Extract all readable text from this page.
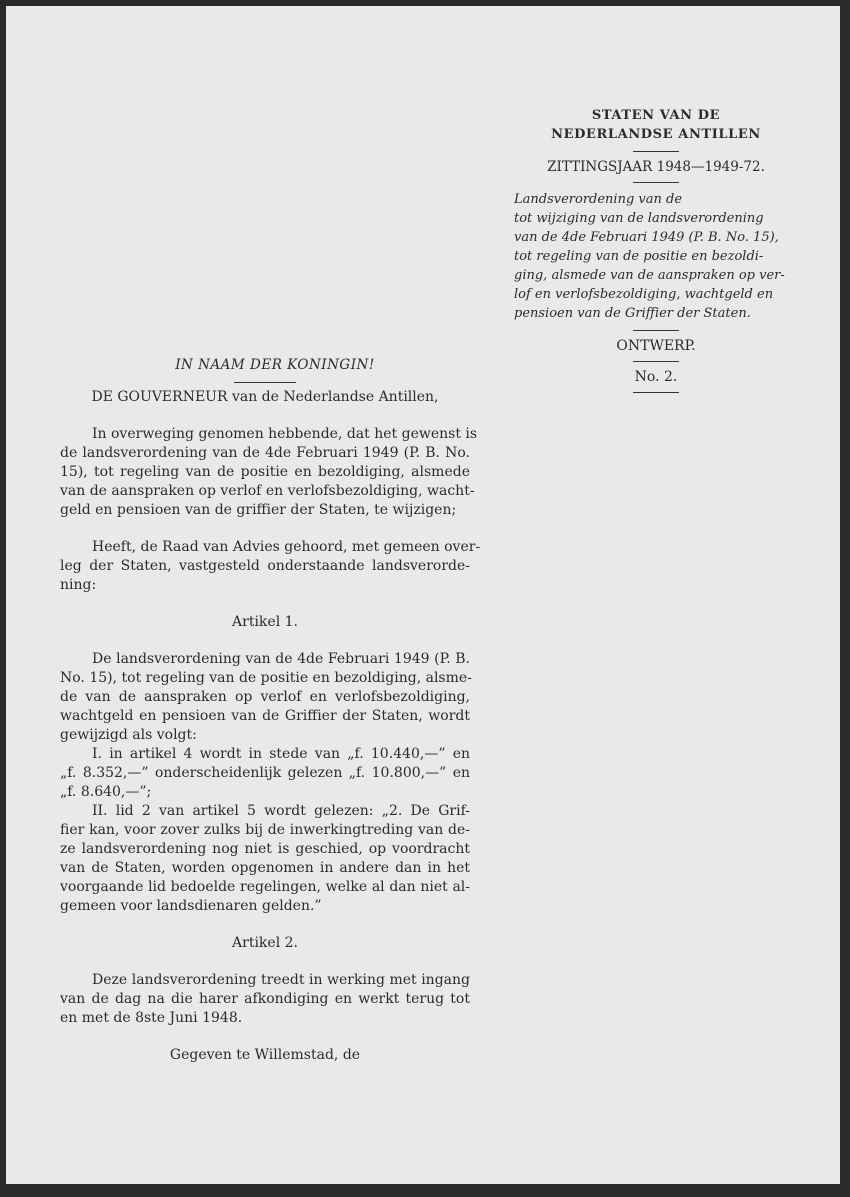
STATEN VAN DE
NEDERLANDSE ANTILLEN
ZITTINGSJAAR 1948—1949-72.
Landsverordening van de
tot wijziging van de landsverordening
van de 4de Februari 1949 (P. B. No. 15),
tot regeling van de positie en bezoldi-
ging, alsmede van de aanspraken op ver-
lof en verlofsbezoldiging, wachtgeld en
pensioen van de Griffier der Staten.
ONTWERP.
No. 2.
IN NAAM DER KONINGIN!
DE GOUVERNEUR van de Nederlandse Antillen,
In overweging genomen hebbende, dat het gewenst is
de landsverordening van de 4de Februari 1949 (P. B. No.
15), tot regeling van de positie en bezoldiging, alsmede
van de aanspraken op verlof en verlofsbezoldiging, wacht-
geld en pensioen van de griffier der Staten, te wijzigen;
Heeft, de Raad van Advies gehoord, met gemeen over-
leg der Staten, vastgesteld onderstaande landsverorde-
ning:
Artikel 1.
De landsverordening van de 4de Februari 1949 (P. B.
No. 15), tot regeling van de positie en bezoldiging, alsme-
de van de aanspraken op verlof en verlofsbezoldiging,
wachtgeld en pensioen van de Griffier der Staten, wordt
gewijzigd als volgt:
I. in artikel 4 wordt in stede van „f. 10.440,—” en
„f. 8.352,—” onderscheidenlijk gelezen „f. 10.800,—” en
„f. 8.640,—”;
II. lid 2 van artikel 5 wordt gelezen: „2. De Grif-
fier kan, voor zover zulks bij de inwerkingtreding van de-
ze landsverordening nog niet is geschied, op voordracht
van de Staten, worden opgenomen in andere dan in het
voorgaande lid bedoelde regelingen, welke al dan niet al-
gemeen voor landsdienaren gelden.”
Artikel 2.
Deze landsverordening treedt in werking met ingang
van de dag na die harer afkondiging en werkt terug tot
en met de 8ste Juni 1948.
Gegeven te Willemstad, de
